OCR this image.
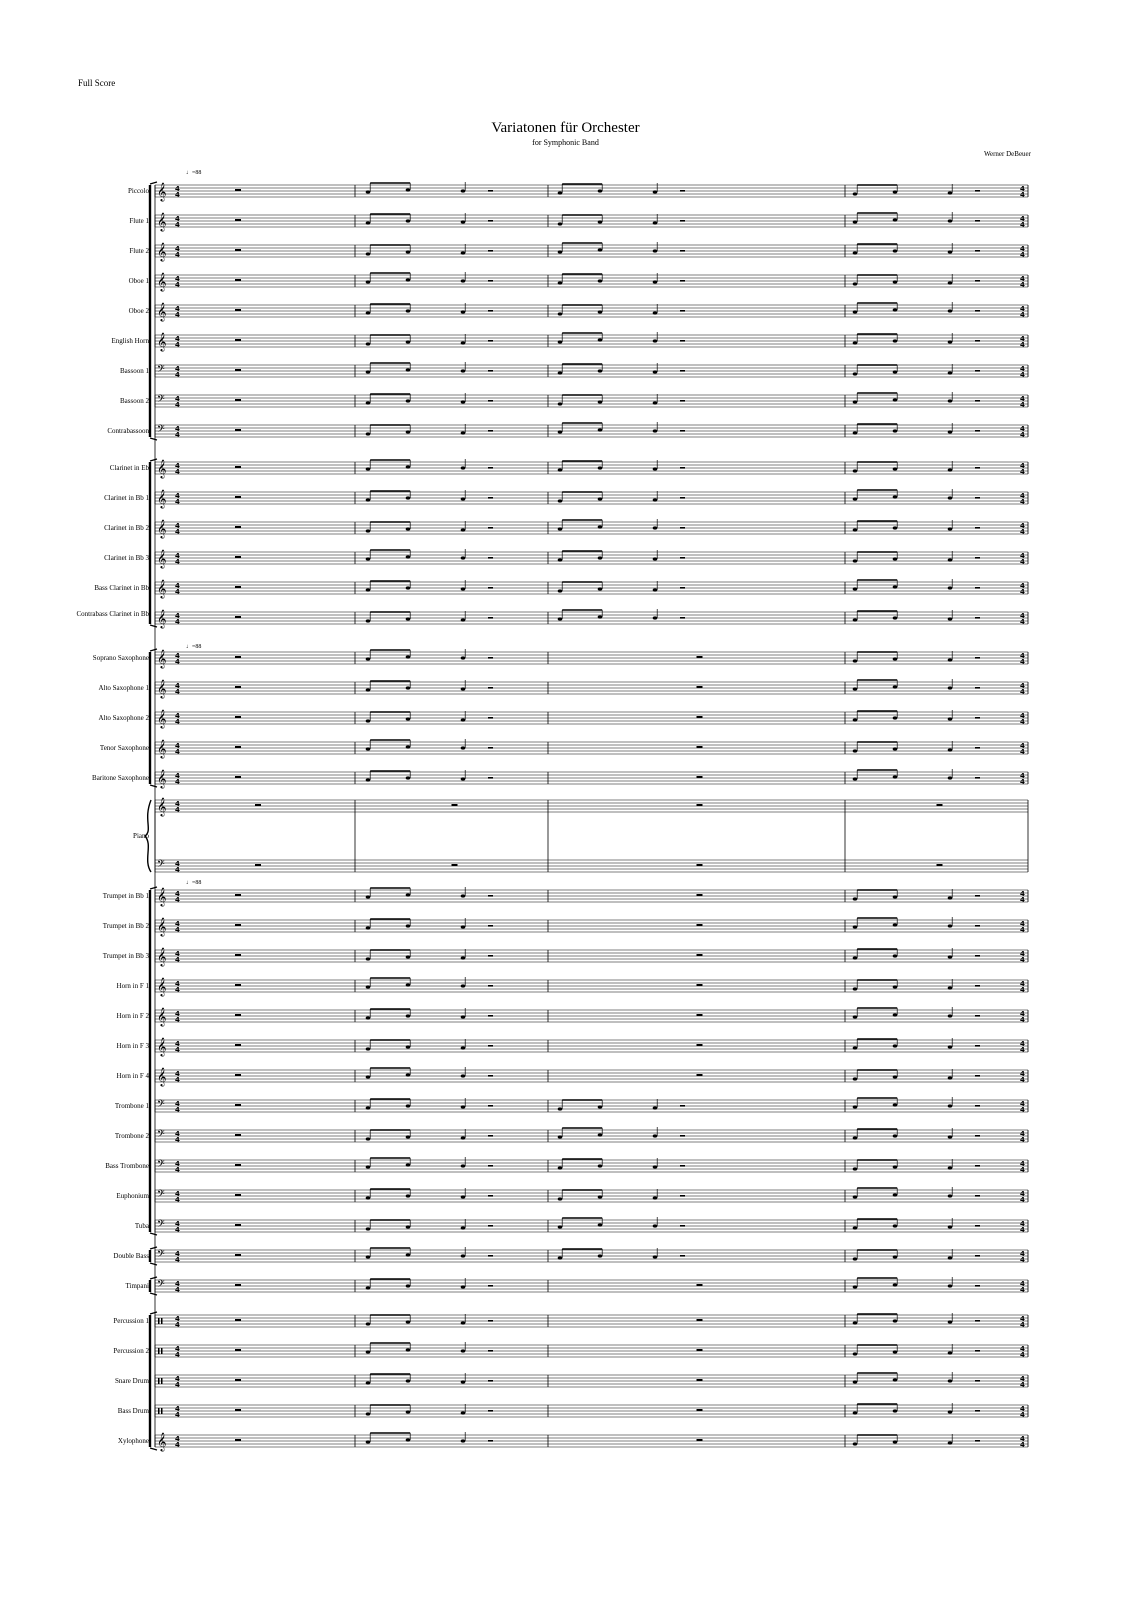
Full Score
Variatonen für Orchester
for Symphonic Band
Werner DeBeuer
Piccolo
Flute 1
Flute 2
Oboe 1
Oboe 2
English Horn
Bassoon 1
Bassoon 2
Contrabassoon
Clarinet in Eb
Clarinet in Bb 1
Clarinet in Bb 2
Clarinet in Bb 3
Bass Clarinet in Bb
Contrabass Clarinet in Bb
Soprano Saxophone
Alto Saxophone 1
Alto Saxophone 2
Tenor Saxophone
Baritone Saxophone
Piano
Trumpet in Bb 1
Trumpet in Bb 2
Trumpet in Bb 3
Horn in F 1
Horn in F 2
Horn in F 3
Horn in F 4
Trombone 1
Trombone 2
Bass Trombone
Euphonium
Tuba
Double Bass
Timpani
Percussion 1
Percussion 2
Snare Drum
Bass Drum
Xylophone
♩=88
♩=88
♩=88
𝄞 4
4
4
4
𝄞 4
4
4
4
𝄞 4
4
4
4
𝄞 4
4
4
4
𝄞 4
4
4
4
𝄞 4
4
4
4
𝄢 4
4
4
4
𝄢 4
4
4
4
𝄢 4
4
4
4
𝄞 4
4
4
4
𝄞 4
4
4
4
𝄞 4
4
4
4
𝄞 4
4
4
4
𝄞 4
4
4
4
𝄞 4
4
4
4
𝄞 4
4
4
4
𝄞 4
4
4
4
𝄞 4
4
4
4
𝄞 4
4
4
4
𝄞 4
4
4
4
𝄞
𝄢
4
4
4
4
𝄞 4
4
4
4
𝄞 4
4
4
4
𝄞 4
4
4
4
𝄞 4
4
4
4
𝄞 4
4
4
4
𝄞 4
4
4
4
𝄞 4
4
4
4
𝄢 4
4
4
4
𝄢 4
4
4
4
𝄢 4
4
4
4
𝄢 4
4
4
4
𝄢 4
4
4
4
𝄢 4
4
4
4
𝄢 4
4
4
4
4
4
4
4
4
4
4
4
4
4
4
4
4
4
4
4
𝄞 4
4
4
4
